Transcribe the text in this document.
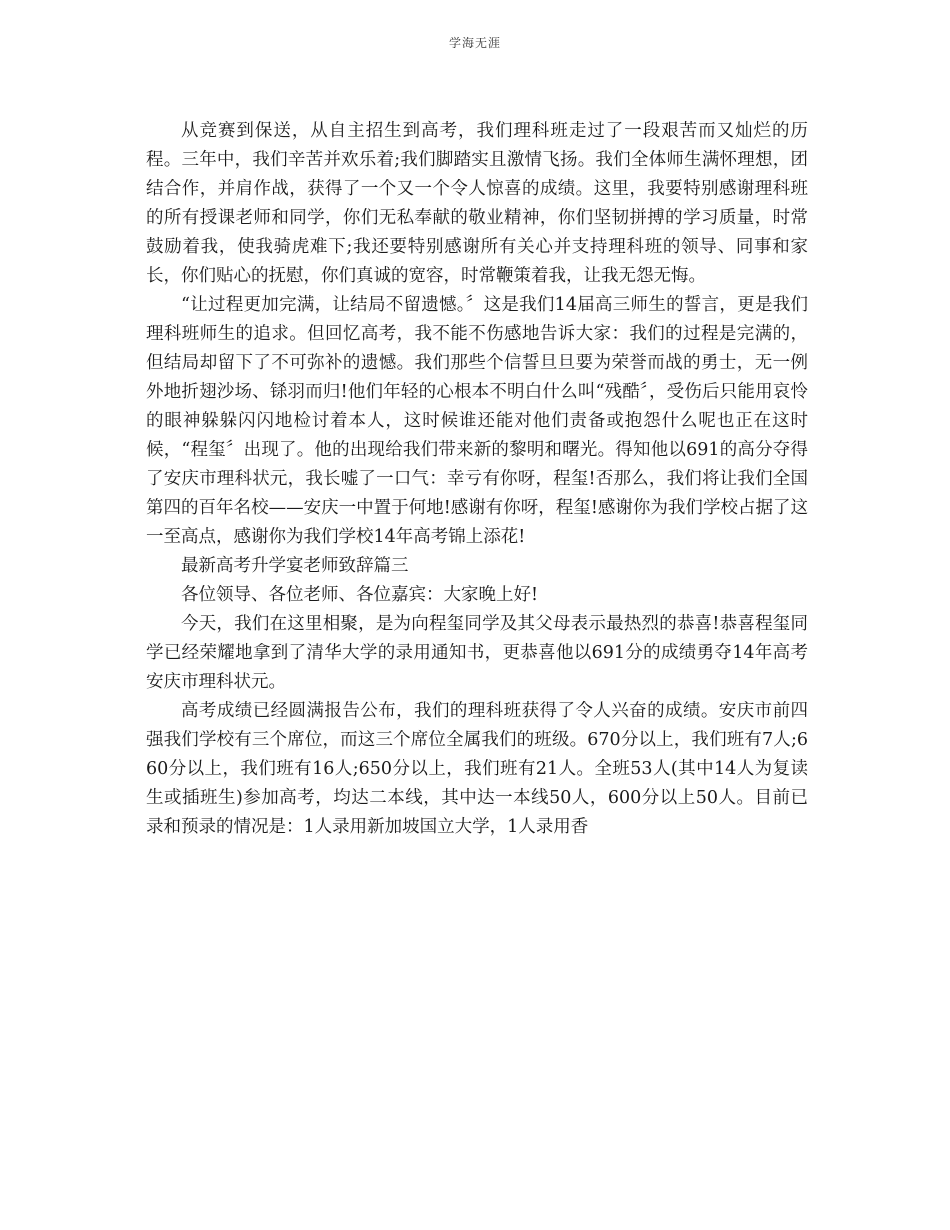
学海无涯

从竞赛到保送，从自主招生到高考，我们理科班走过了一段艰苦而又灿烂的历程。三年中，我们辛苦并欢乐着;我们脚踏实且激情飞扬。我们全体师生满怀理想，团结合作，并肩作战，获得了一个又一个令人惊喜的成绩。这里，我要特别感谢理科班的所有授课老师和同学，你们无私奉献的敬业精神，你们坚韧拼搏的学习质量，时常鼓励着我，使我骑虎难下;我还要特别感谢所有关心并支持理科班的领导、同事和家长，你们贴心的抚慰，你们真诚的宽容，时常鞭策着我，让我无怨无悔。

“让过程更加完满，让结局不留遗憾。〞这是我们14届高三师生的誓言，更是我们理科班师生的追求。但回忆高考，我不能不伤感地告诉大家：我们的过程是完满的，但结局却留下了不可弥补的遗憾。我们那些个信誓旦旦要为荣誉而战的勇士，无一例外地折翅沙场、铩羽而归!他们年轻的心根本不明白什么叫“残酷〞，受伤后只能用哀怜的眼神躲躲闪闪地检讨着本人，这时候谁还能对他们责备或抱怨什么呢也正在这时候，“程玺〞出现了。他的出现给我们带来新的黎明和曙光。得知他以691的高分夺得了安庆市理科状元，我长嘘了一口气：幸亏有你呀，程玺!否那么，我们将让我们全国第四的百年名校——安庆一中置于何地!感谢有你呀，程玺!感谢你为我们学校占据了这一至高点，感谢你为我们学校14年高考锦上添花!

最新高考升学宴老师致辞篇三

各位领导、各位老师、各位嘉宾：大家晚上好!

今天，我们在这里相聚，是为向程玺同学及其父母表示最热烈的恭喜!恭喜程玺同学已经荣耀地拿到了清华大学的录用通知书，更恭喜他以691分的成绩勇夺14年高考安庆市理科状元。

高考成绩已经圆满报告公布，我们的理科班获得了令人兴奋的成绩。安庆市前四强我们学校有三个席位，而这三个席位全属我们的班级。670分以上，我们班有7人;660分以上，我们班有16人;650分以上，我们班有21人。全班53人(其中14人为复读生或插班生)参加高考，均达二本线，其中达一本线50人，600分以上50人。目前已录和预录的情况是：1人录用新加坡国立大学，1人录用香
